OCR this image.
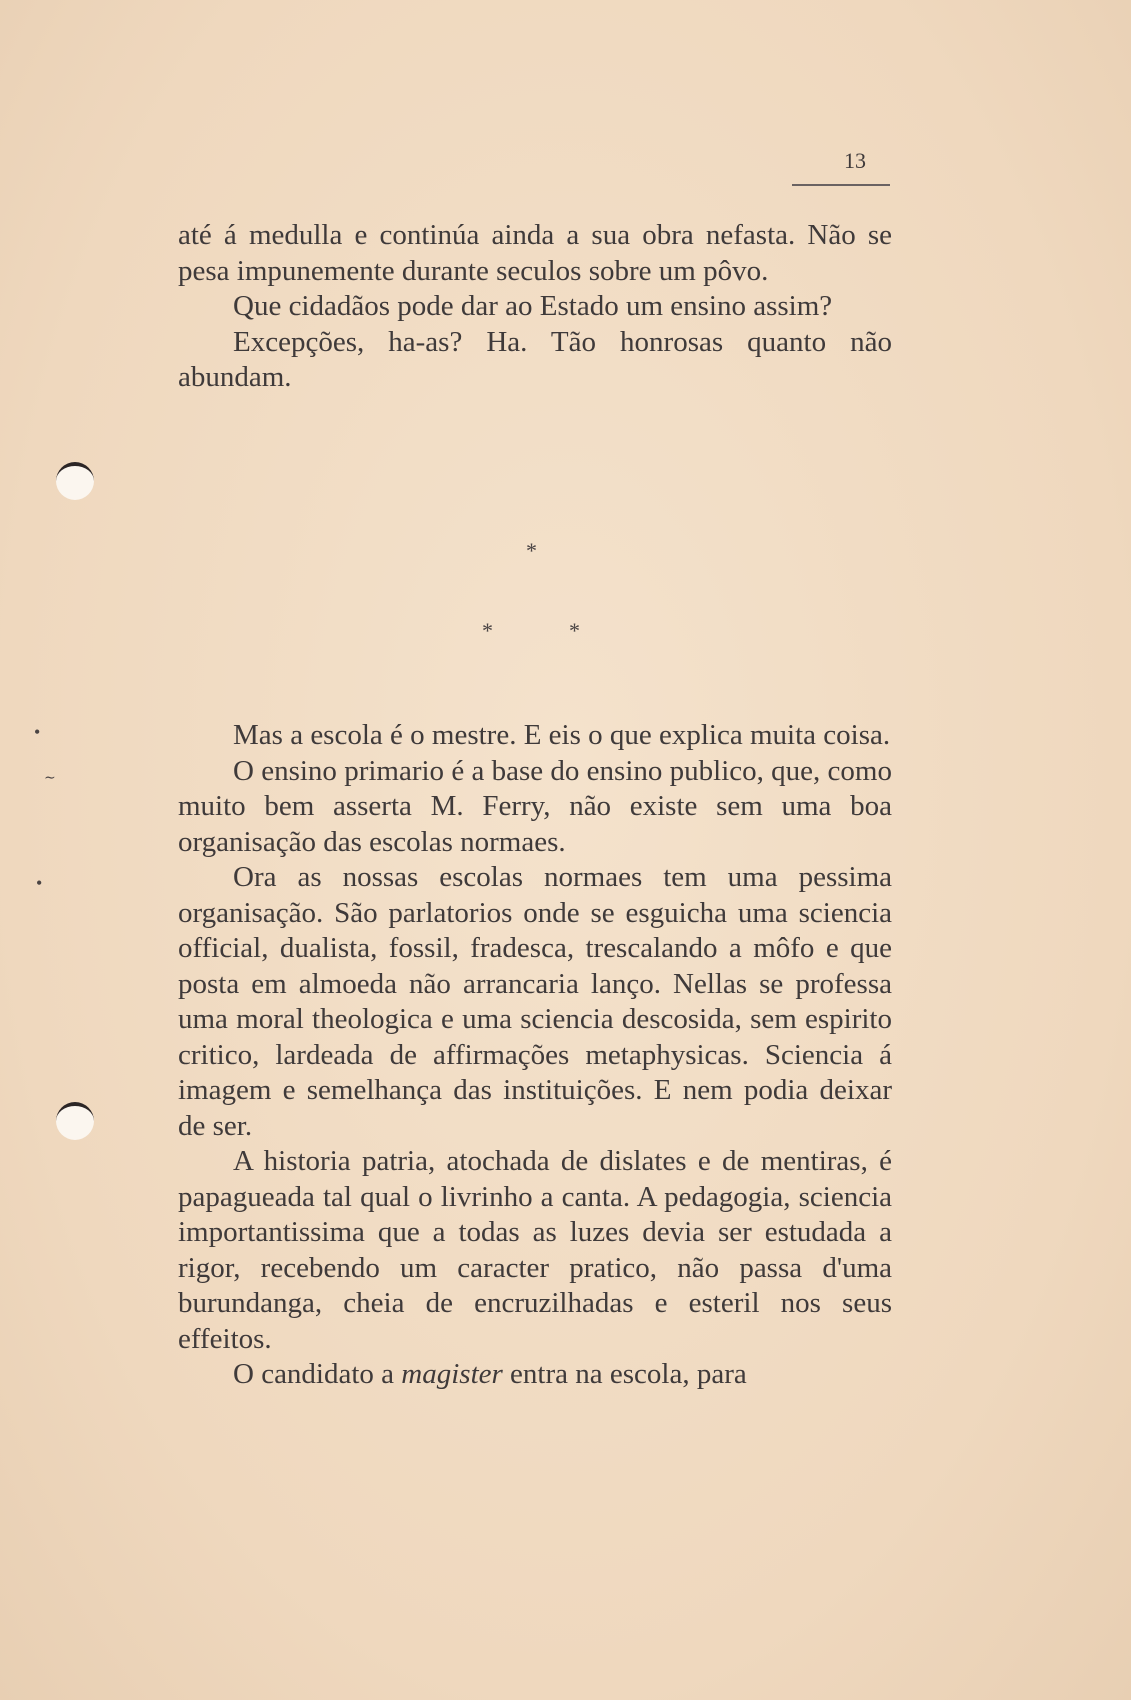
13

até á medulla e continúa ainda a sua obra nefasta. Não se pesa impunemente durante seculos sobre um pôvo.

Que cidadãos pode dar ao Estado um ensino assim?

Excepções, ha-as? Ha. Tão honrosas quanto não abundam.

*
*	*

Mas a escola é o mestre. E eis o que explica muita coisa.

O ensino primario é a base do ensino publico, que, como muito bem asserta M. Ferry, não existe sem uma boa organisação das escolas normaes.

Ora as nossas escolas normaes tem uma pessima organisação. São parlatorios onde se esguicha uma sciencia official, dualista, fossil, fradesca, trescalando a môfo e que posta em almoeda não arrancaria lanço. Nellas se professa uma moral theologica e uma sciencia descosida, sem espirito critico, lardeada de affirmações metaphysicas. Sciencia á imagem e semelhança das instituições. E nem podia deixar de ser.

A historia patria, atochada de dislates e de mentiras, é papagueada tal qual o livrinho a canta. A pedagogia, sciencia importantissima que a todas as luzes devia ser estudada a rigor, recebendo um caracter pratico, não passa d'uma burundanga, cheia de encruzilhadas e esteril nos seus effeitos.

O candidato a magister entra na escola, para

•
∼
•
